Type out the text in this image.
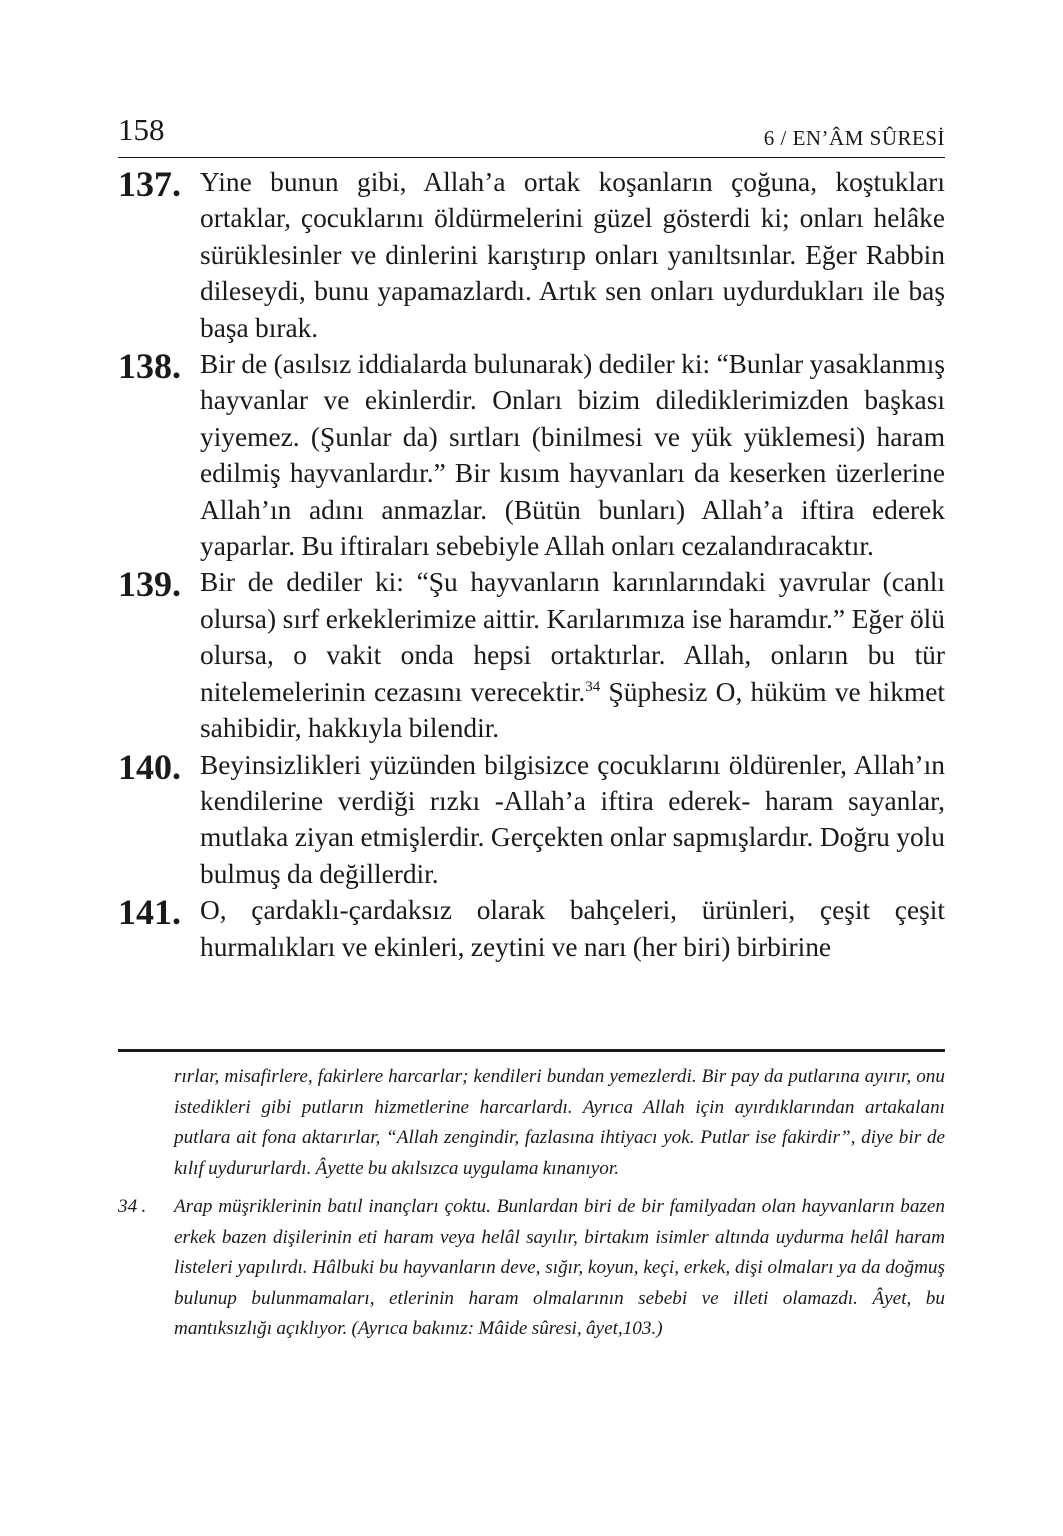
158	6 / EN’ÂM SÛRESİ
137. Yine bunun gibi, Allah’a ortak koşanların çoğuna, koştukları ortaklar, çocuklarını öldürmelerini güzel gösterdi ki; onları helâke sürüklesinler ve dinlerini karıştırıp onları yanıltsınlar. Eğer Rabbin dileseydi, bunu yapamazlardı. Artık sen onları uydurdukları ile baş başa bırak.
138. Bir de (asılsız iddialarda bulunarak) dediler ki: “Bunlar yasaklanmış hayvanlar ve ekinlerdir. Onları bizim dilediklerimizden başkası yiyemez. (Şunlar da) sırtları (binilmesi ve yük yüklemesi) haram edilmiş hayvanlardır.” Bir kısım hayvanları da keserken üzerlerine Allah’ın adını anmazlar. (Bütün bunları) Allah’a iftira ederek yaparlar. Bu iftiraları sebebiyle Allah onları cezalandıracaktır.
139. Bir de dediler ki: “Şu hayvanların karınlarındaki yavrular (canlı olursa) sırf erkeklerimize aittir. Karılarımıza ise haramdır.” Eğer ölü olursa, o vakit onda hepsi ortaktırlar. Allah, onların bu tür nitelemelerinin cezasını verecektir.$^{34}$ Şüphesiz O, hüküm ve hikmet sahibidir, hakkıyla bilendir.
140. Beyinsizlikleri yüzünden bilgisizce çocuklarını öldürenler, Allah’ın kendilerine verdiği rızkı -Allah’a iftira ederek- haram sayanlar, mutlaka ziyan etmişlerdir. Gerçekten onlar sapmışlardır. Doğru yolu bulmuş da değillerdir.
141. O, çardaklı-çardaksız olarak bahçeleri, ürünleri, çeşit çeşit hurmalıkları ve ekinleri, zeytini ve narı (her biri) birbirine
rırlar, misafirlere, fakirlere harcarlar; kendileri bundan yemezlerdi. Bir pay da putlarına ayırır, onu istedikleri gibi putların hizmetlerine harcarlardı. Ayrıca Allah için ayırdıklarından artakalanı putlara ait fona aktarırlar, “Allah zengindir, fazlasına ihtiyacı yok. Putlar ise fakirdir”, diye bir de kılıf uydururlardı. Âyette bu akılsızca uygulama kınanıyor.
34 .	Arap müşriklerinin batıl inançları çoktu. Bunlardan biri de bir familyadan olan hayvanların bazen erkek bazen dişilerinin eti haram veya helâl sayılır, birtakım isimler altında uydurma helâl haram listeleri yapılırdı. Hâlbuki bu hayvanların deve, sığır, koyun, keçi, erkek, dişi olmaları ya da doğmuş bulunup bulunmamaları, etlerinin haram olmalarının sebebi ve illeti olamazdı. Âyet, bu mantıksızlığı açıklıyor. (Ayrıca bakınız: Mâide sûresi, âyet,103.)
